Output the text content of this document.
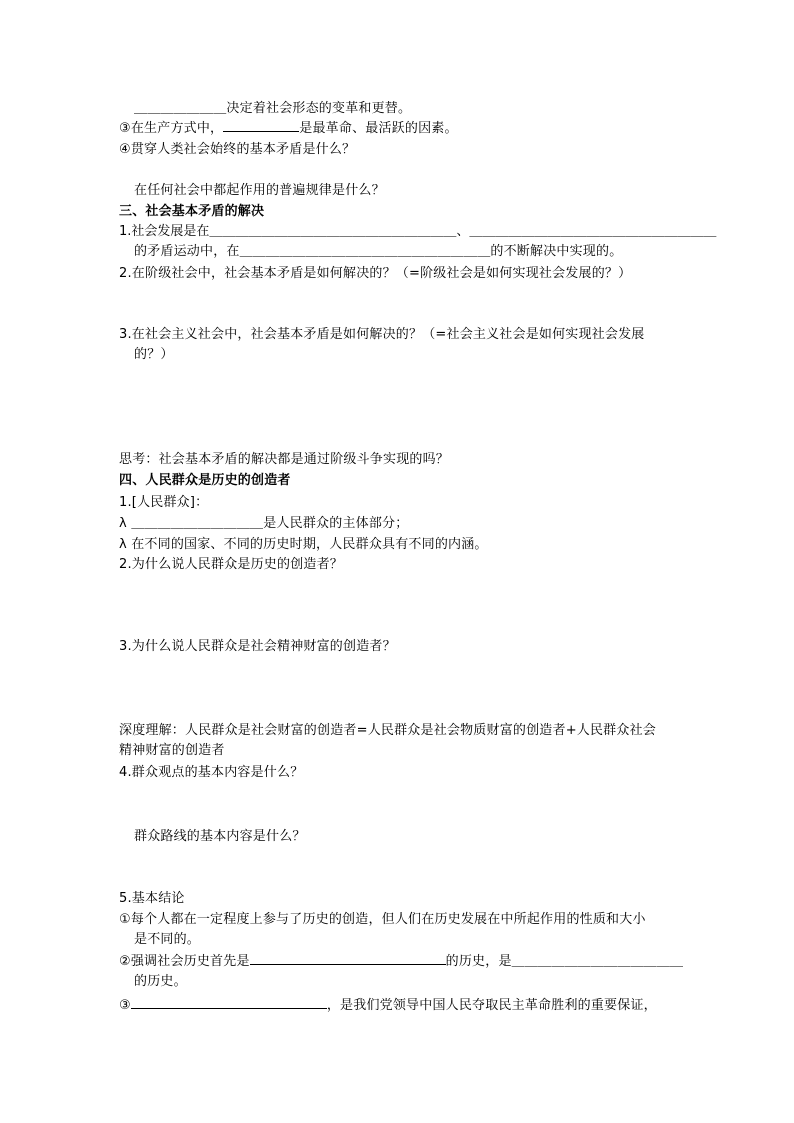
＿＿＿＿＿＿＿决定着社会形态的变革和更替。
③在生产方式中，	是最革命、最活跃的因素。
④贯穿人类社会始终的基本矛盾是什么？
在任何社会中都起作用的普遍规律是什么？
三、社会基本矛盾的解决
1.社会发展是在＿＿＿＿＿＿＿＿＿＿＿＿＿＿＿＿＿＿＿、＿＿＿＿＿＿＿＿＿＿＿＿＿＿＿＿＿＿＿
的矛盾运动中，在＿＿＿＿＿＿＿＿＿＿＿＿＿＿＿＿＿＿＿的不断解决中实现的。
2.在阶级社会中，社会基本矛盾是如何解决的？（=阶级社会是如何实现社会发展的？）
3.在社会主义社会中，社会基本矛盾是如何解决的？（=社会主义社会是如何实现社会发展
的？）
思考：社会基本矛盾的解决都是通过阶级斗争实现的吗？
四、人民群众是历史的创造者
1.[人民群众]：
λ ＿＿＿＿＿＿＿＿＿＿是人民群众的主体部分；
λ 在不同的国家、不同的历史时期，人民群众具有不同的内涵。
2.为什么说人民群众是历史的创造者？
3.为什么说人民群众是社会精神财富的创造者？
深度理解：人民群众是社会财富的创造者=人民群众是社会物质财富的创造者+人民群众社会
精神财富的创造者
4.群众观点的基本内容是什么？
群众路线的基本内容是什么？
5.基本结论
①每个人都在一定程度上参与了历史的创造，但人们在历史发展在中所起作用的性质和大小
是不同的。
②强调社会历史首先是	的历史，是＿＿＿＿＿＿＿＿＿＿＿＿＿
的历史。
③	，是我们党领导中国人民夺取民主革命胜利的重要保证，
